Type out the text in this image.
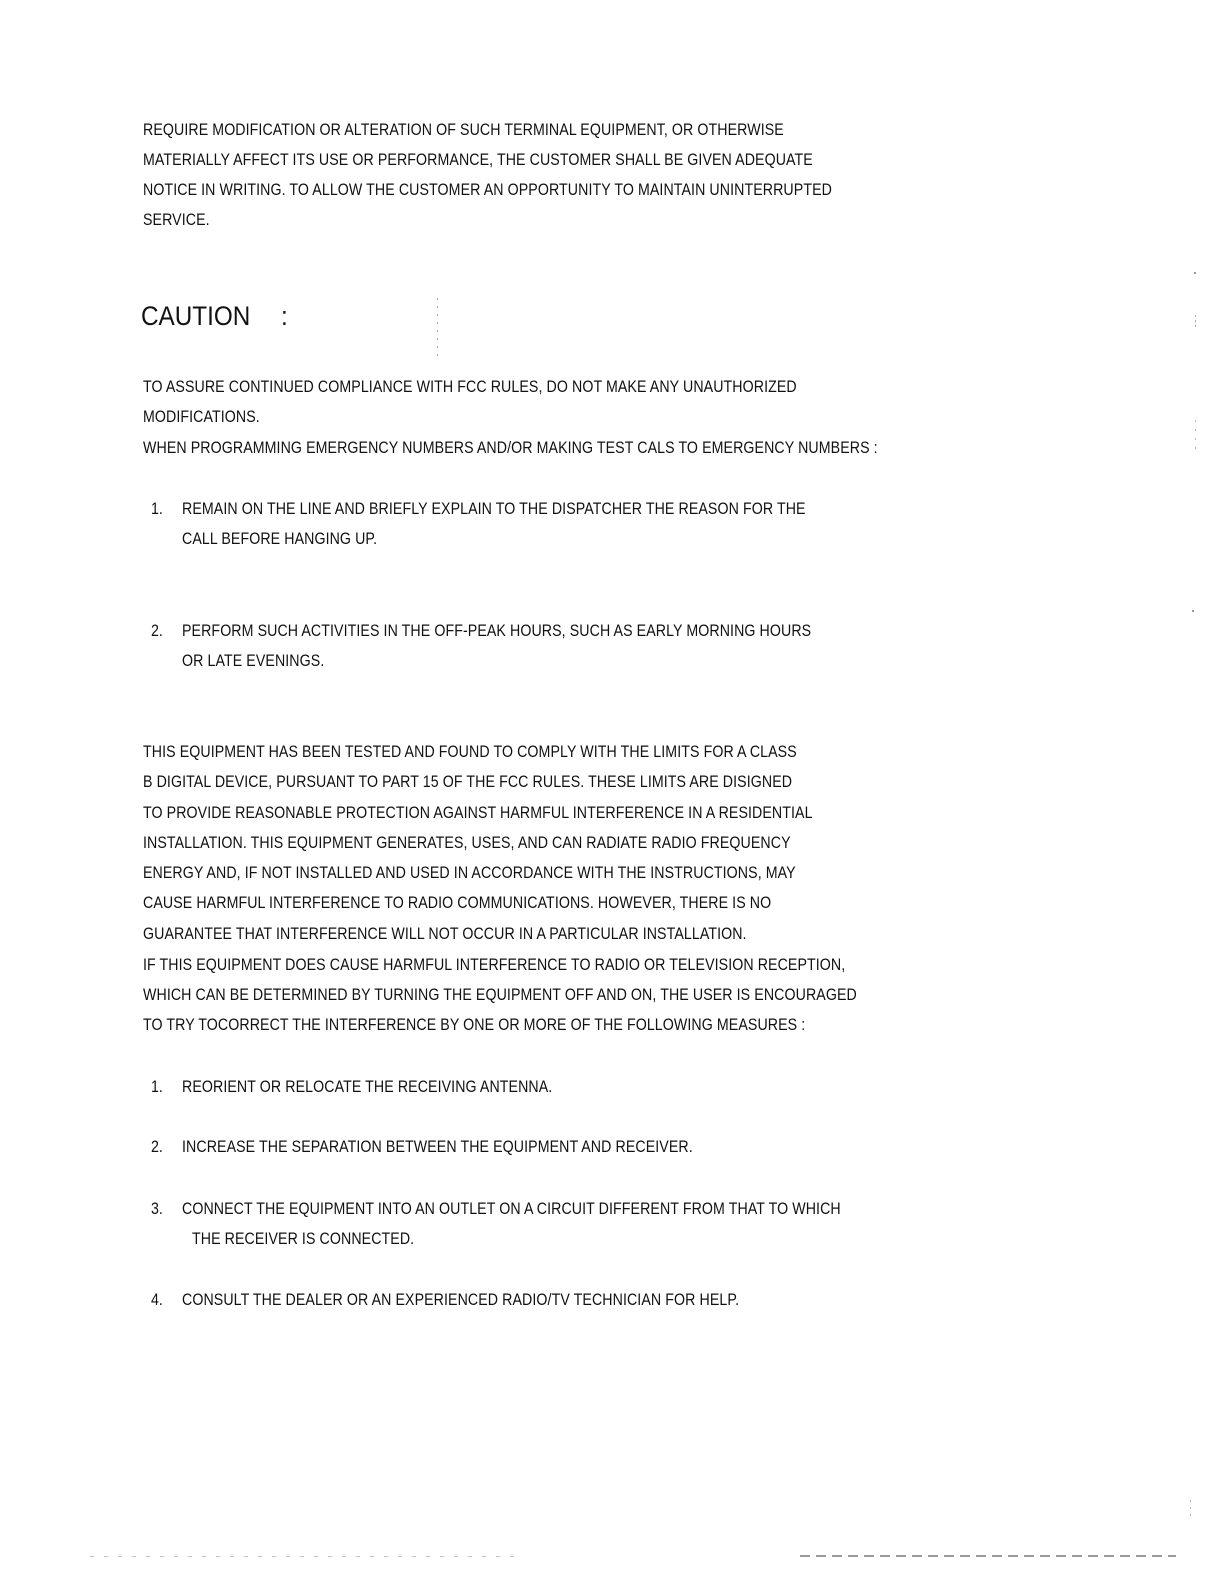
REQUIRE MODIFICATION OR ALTERATION OF SUCH TERMINAL EQUIPMENT, OR OTHERWISE
MATERIALLY AFFECT ITS USE OR PERFORMANCE, THE CUSTOMER SHALL BE GIVEN ADEQUATE
NOTICE IN WRITING. TO ALLOW THE CUSTOMER AN OPPORTUNITY TO MAINTAIN UNINTERRUPTED
SERVICE.
CAUTION :
TO ASSURE CONTINUED COMPLIANCE WITH FCC RULES, DO NOT MAKE ANY UNAUTHORIZED
MODIFICATIONS.
WHEN PROGRAMMING EMERGENCY NUMBERS AND/OR MAKING TEST CALS TO EMERGENCY NUMBERS :
1. REMAIN ON THE LINE AND BRIEFLY EXPLAIN TO THE DISPATCHER THE REASON FOR THE
CALL BEFORE HANGING UP.
2. PERFORM SUCH ACTIVITIES IN THE OFF-PEAK HOURS, SUCH AS EARLY MORNING HOURS
OR LATE EVENINGS.
THIS EQUIPMENT HAS BEEN TESTED AND FOUND TO COMPLY WITH THE LIMITS FOR A CLASS
B DIGITAL DEVICE, PURSUANT TO PART 15 OF THE FCC RULES. THESE LIMITS ARE DISIGNED
TO PROVIDE REASONABLE PROTECTION AGAINST HARMFUL INTERFERENCE IN A RESIDENTIAL
INSTALLATION. THIS EQUIPMENT GENERATES, USES, AND CAN RADIATE RADIO FREQUENCY
ENERGY AND, IF NOT INSTALLED AND USED IN ACCORDANCE WITH THE INSTRUCTIONS, MAY
CAUSE HARMFUL INTERFERENCE TO RADIO COMMUNICATIONS. HOWEVER, THERE IS NO
GUARANTEE THAT INTERFERENCE WILL NOT OCCUR IN A PARTICULAR INSTALLATION.
IF THIS EQUIPMENT DOES CAUSE HARMFUL INTERFERENCE TO RADIO OR TELEVISION RECEPTION,
WHICH CAN BE DETERMINED BY TURNING THE EQUIPMENT OFF AND ON, THE USER IS ENCOURAGED
TO TRY TOCORRECT THE INTERFERENCE BY ONE OR MORE OF THE FOLLOWING MEASURES :
1. REORIENT OR RELOCATE THE RECEIVING ANTENNA.
2. INCREASE THE SEPARATION BETWEEN THE EQUIPMENT AND RECEIVER.
3. CONNECT THE EQUIPMENT INTO AN OUTLET ON A CIRCUIT DIFFERENT FROM THAT TO WHICH
THE RECEIVER IS CONNECTED.
4. CONSULT THE DEALER OR AN EXPERIENCED RADIO/TV TECHNICIAN FOR HELP.
